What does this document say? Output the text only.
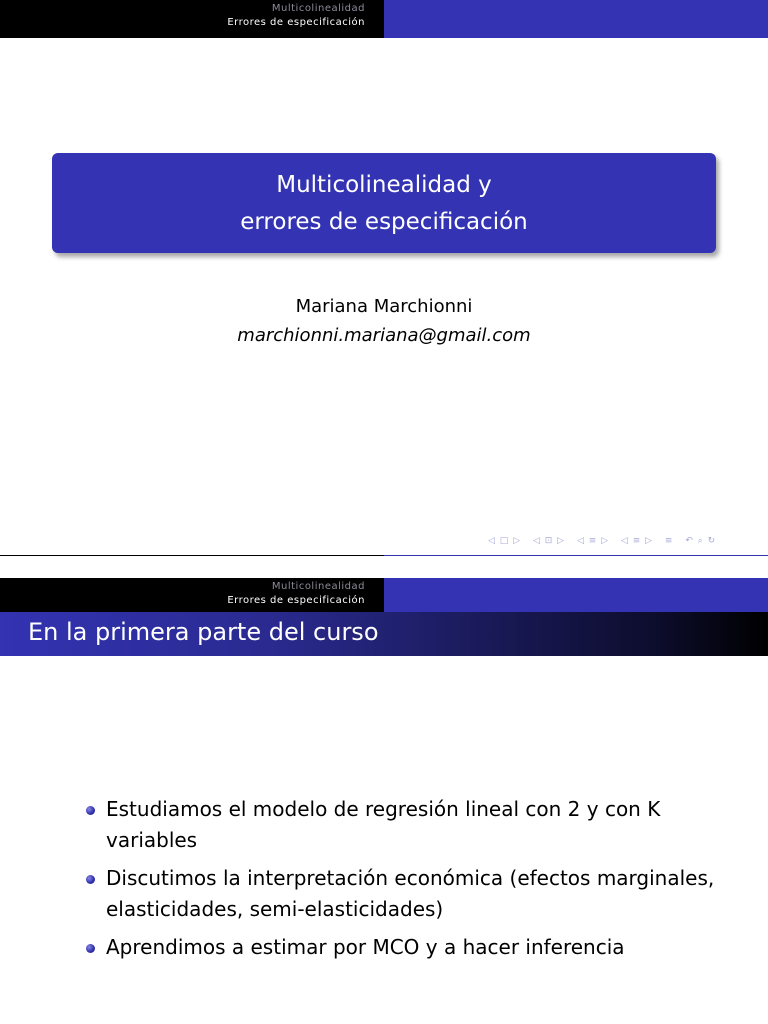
Multicolinealidad
Errores de especificación
Multicolinealidad y
errores de especificación
Mariana Marchionni
marchionni.mariana@gmail.com
◁ □ ▷ ◁ ⊡ ▷ ◁ ≡ ▷ ◁ ≡ ▷ ≡ ↶ ⌕ ↻
Multicolinealidad
Errores de especificación
En la primera parte del curso
Estudiamos el modelo de regresión lineal con 2 y con K variables
Discutimos la interpretación económica (efectos marginales, elasticidades, semi-elasticidades)
Aprendimos a estimar por MCO y a hacer inferencia
